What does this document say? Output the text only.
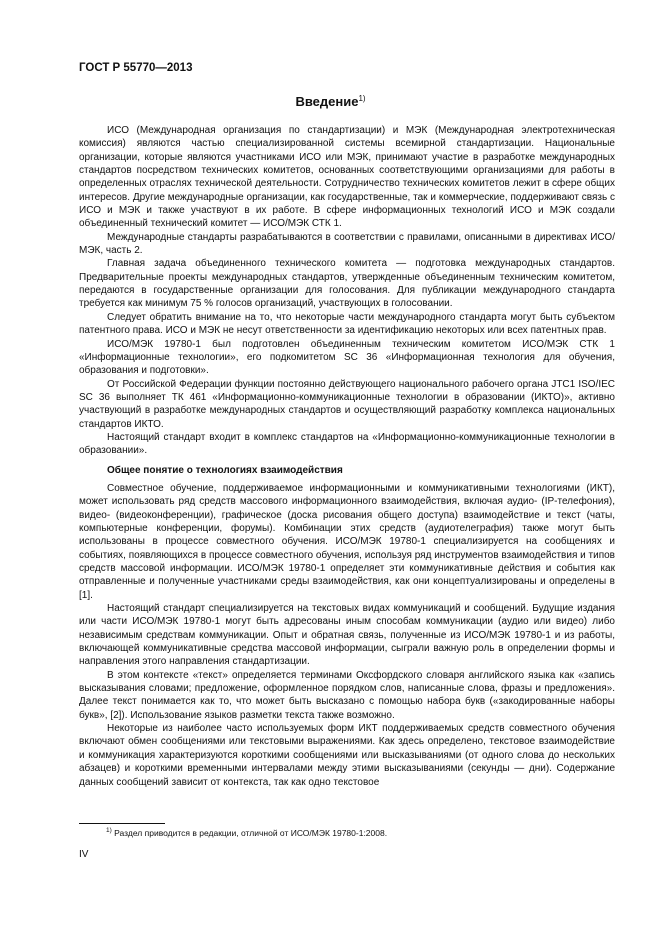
ГОСТ Р 55770—2013
Введение$^{1)}$

ИСО (Международная организация по стандартизации) и МЭК (Международная электротехническая комиссия) являются частью специализированной системы всемирной стандартизации. Национальные организации, которые являются участниками ИСО или МЭК, принимают участие в разработке международных стандартов посредством технических комитетов, основанных соответствующими организациями для работы в определенных отраслях технической деятельности. Сотрудничество технических комитетов лежит в сфере общих интересов. Другие международные организации, как государственные, так и коммерческие, поддерживают связь с ИСО и МЭК и также участвуют в их работе. В сфере информационных технологий ИСО и МЭК создали объединенный технический комитет — ИСО/МЭК СТК 1.

Международные стандарты разрабатываются в соответствии с правилами, описанными в директивах ИСО/МЭК, часть 2.

Главная задача объединенного технического комитета — подготовка международных стандартов. Предварительные проекты международных стандартов, утвержденные объединенным техническим комитетом, передаются в государственные организации для голосования. Для публикации международного стандарта требуется как минимум 75 % голосов организаций, участвующих в голосовании.

Следует обратить внимание на то, что некоторые части международного стандарта могут быть субъектом патентного права. ИСО и МЭК не несут ответственности за идентификацию некоторых или всех патентных прав.

ИСО/МЭК 19780-1 был подготовлен объединенным техническим комитетом ИСО/МЭК СТК 1 «Информационные технологии», его подкомитетом SC 36 «Информационная технология для обучения, образования и подготовки».

От Российской Федерации функции постоянно действующего национального рабочего органа JTC1 ISO/IEC SC 36 выполняет ТК 461 «Информационно-коммуникационные технологии в образовании (ИКТО)», активно участвующий в разработке международных стандартов и осуществляющий разработку комплекса национальных стандартов ИКТО.

Настоящий стандарт входит в комплекс стандартов на «Информационно-коммуникационные технологии в образовании».

Общее понятие о технологиях взаимодействия

Совместное обучение, поддерживаемое информационными и коммуникативными технологиями (ИКТ), может использовать ряд средств массового информационного взаимодействия, включая аудио- (IP-телефония), видео- (видеоконференции), графическое (доска рисования общего доступа) взаимодействие и текст (чаты, компьютерные конференции, форумы). Комбинации этих средств (аудиотелеграфия) также могут быть использованы в процессе совместного обучения. ИСО/МЭК 19780-1 специализируется на сообщениях и событиях, появляющихся в процессе совместного обучения, используя ряд инструментов взаимодействия и типов средств массовой информации. ИСО/МЭК 19780-1 определяет эти коммуникативные действия и события как отправленные и полученные участниками среды взаимодействия, как они концептуализированы и определены в [1].

Настоящий стандарт специализируется на текстовых видах коммуникаций и сообщений. Будущие издания или части ИСО/МЭК 19780-1 могут быть адресованы иным способам коммуникации (аудио или видео) либо независимым средствам коммуникации. Опыт и обратная связь, полученные из ИСО/МЭК 19780-1 и из работы, включающей коммуникативные средства массовой информации, сыграли важную роль в определении формы и направления этого направления стандартизации.

В этом контексте «текст» определяется терминами Оксфордского словаря английского языка как «запись высказывания словами; предложение, оформленное порядком слов, написанные слова, фразы и предложения». Далее текст понимается как то, что может быть высказано с помощью набора букв («закодированные наборы букв», [2]). Использование языков разметки текста также возможно.

Некоторые из наиболее часто используемых форм ИКТ поддерживаемых средств совместного обучения включают обмен сообщениями или текстовыми выражениями. Как здесь определено, текстовое взаимодействие и коммуникация характеризуются короткими сообщениями или высказываниями (от одного слова до нескольких абзацев) и короткими временными интервалами между этими высказываниями (секунды — дни). Содержание данных сообщений зависит от контекста, так как одно текстовое

$^{1)}$ Раздел приводится в редакции, отличной от ИСО/МЭК 19780-1:2008.
IV
